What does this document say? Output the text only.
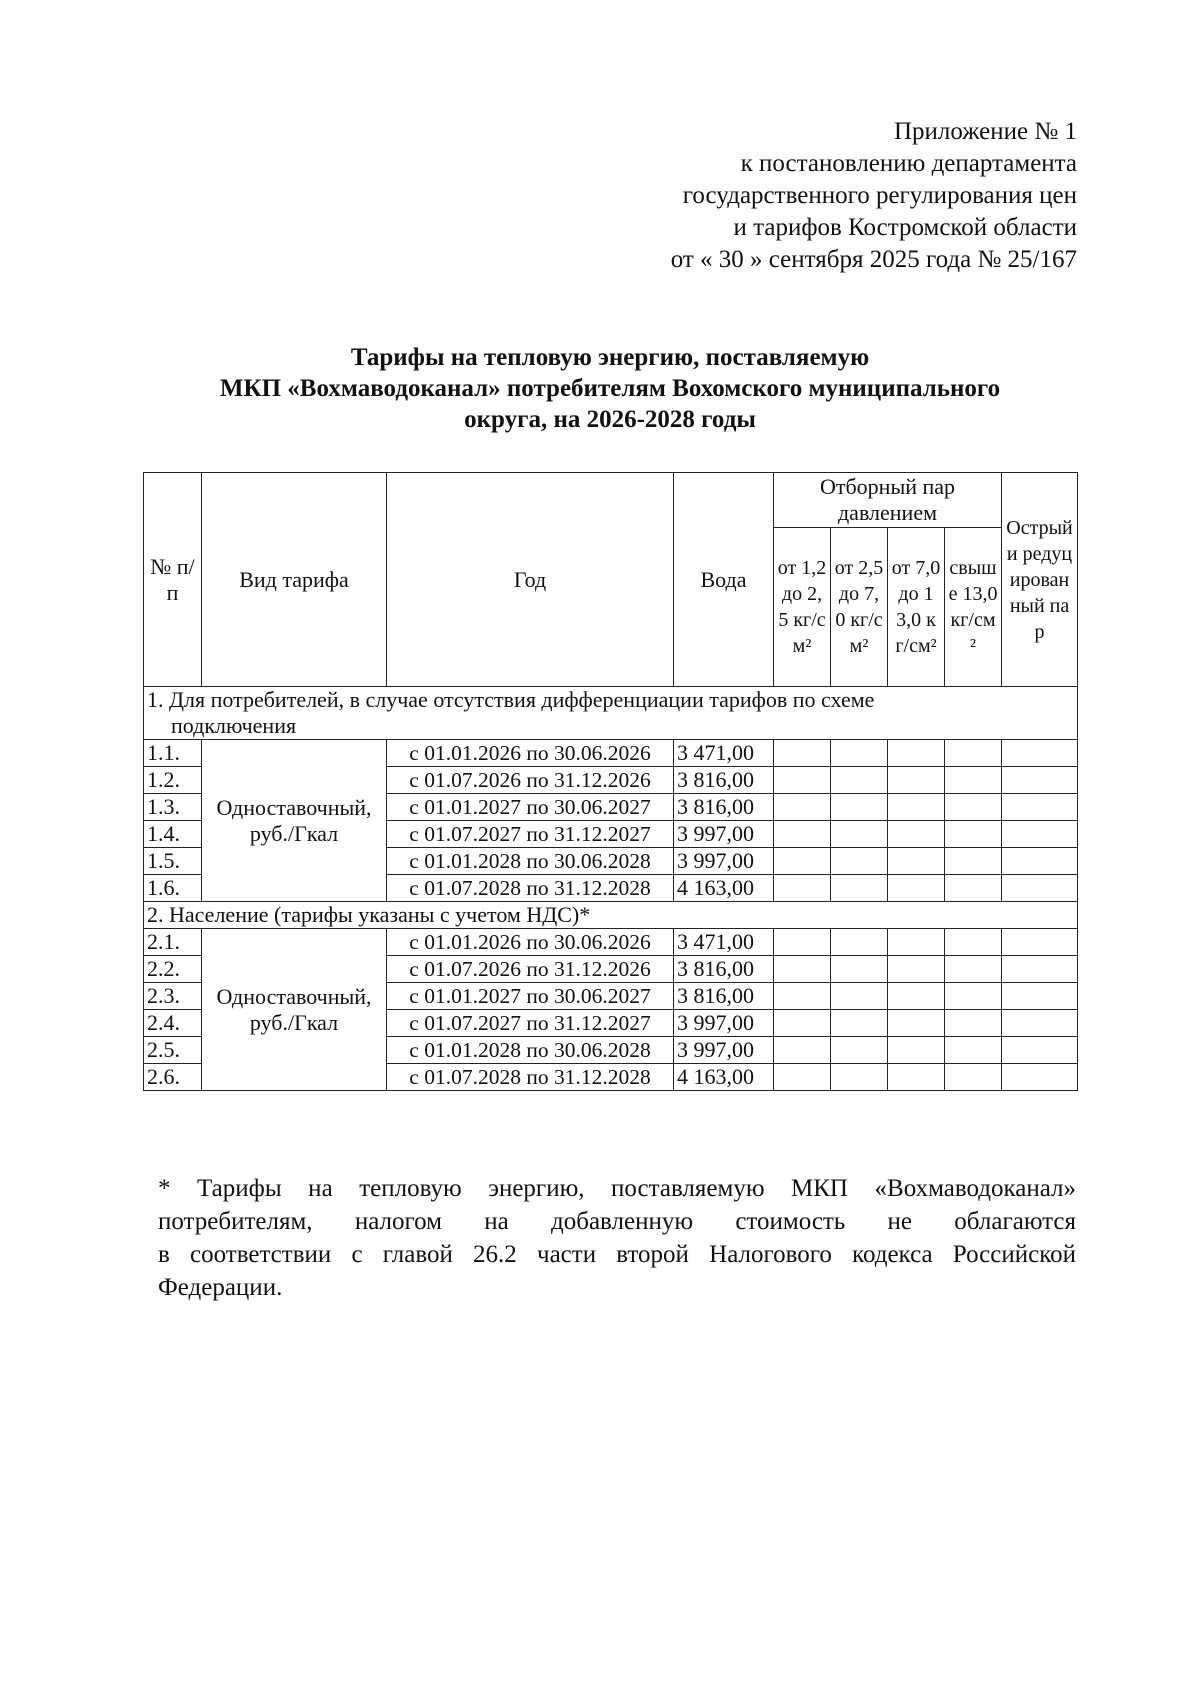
Приложение № 1
к постановлению департамента
государственного регулирования цен
и тарифов Костромской области
от « 30 » сентября 2025 года № 25/167
Тарифы на тепловую энергию, поставляемую
МКП «Вохмаводоканал» потребителям Вохомского муниципального
округа, на 2026-2028 годы
№ п/п	Вид тарифа	Год	Вода	Отборный пар давлением				Острый и редуцированный пар
				от 1,2 до 2,5 кг/см²	от 2,5 до 7,0 кг/см²	от 7,0 до 13,0 кг/см²	свыше 13,0 кг/см²	
1. Для потребителей, в случае отсутствия дифференциации тарифов по схеме
подключения								

1.1.	Одноставочный,
руб./Гкал	с 01.01.2026 по 30.06.2026	3 471,00					
1.2.		с 01.07.2026 по 31.12.2026	3 816,00					
1.3.		с 01.01.2027 по 30.06.2027	3 816,00					
1.4.		с 01.07.2027 по 31.12.2027	3 997,00					
1.5.		с 01.01.2028 по 30.06.2028	3 997,00					
1.6.		с 01.07.2028 по 31.12.2028	4 163,00					
2. Население (тарифы указаны с учетом НДС)*								
2.1.	Одноставочный,
руб./Гкал	с 01.01.2026 по 30.06.2026	3 471,00					
2.2.		с 01.07.2026 по 31.12.2026	3 816,00					
2.3.		с 01.01.2027 по 30.06.2027	3 816,00					
2.4.		с 01.07.2027 по 31.12.2027	3 997,00					
2.5.		с 01.01.2028 по 30.06.2028	3 997,00					
2.6.		с 01.07.2028 по 31.12.2028	4 163,00					
* Тарифы на тепловую энергию, поставляемую МКП «Вохмаводоканал»
потребителям, налогом на добавленную стоимость не облагаются
в соответствии с главой 26.2 части второй Налогового кодекса Российской
Федерации.
